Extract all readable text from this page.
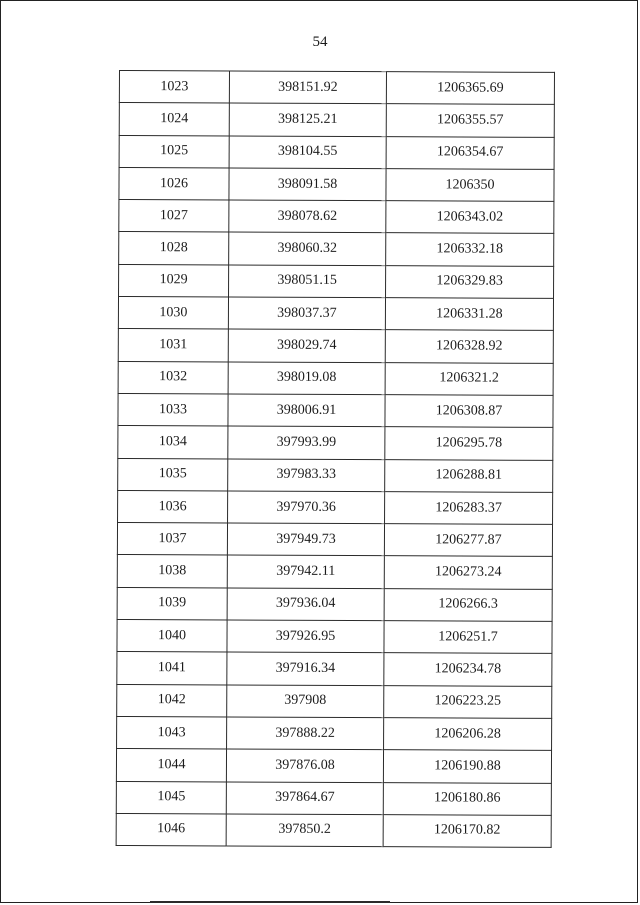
54
1023	398151.92	1206365.69
1024	398125.21	1206355.57
1025	398104.55	1206354.67
1026	398091.58	1206350
1027	398078.62	1206343.02
1028	398060.32	1206332.18
1029	398051.15	1206329.83
1030	398037.37	1206331.28
1031	398029.74	1206328.92
1032	398019.08	1206321.2
1033	398006.91	1206308.87
1034	397993.99	1206295.78
1035	397983.33	1206288.81
1036	397970.36	1206283.37
1037	397949.73	1206277.87
1038	397942.11	1206273.24
1039	397936.04	1206266.3
1040	397926.95	1206251.7
1041	397916.34	1206234.78
1042	397908	1206223.25
1043	397888.22	1206206.28
1044	397876.08	1206190.88
1045	397864.67	1206180.86
1046	397850.2	1206170.82
